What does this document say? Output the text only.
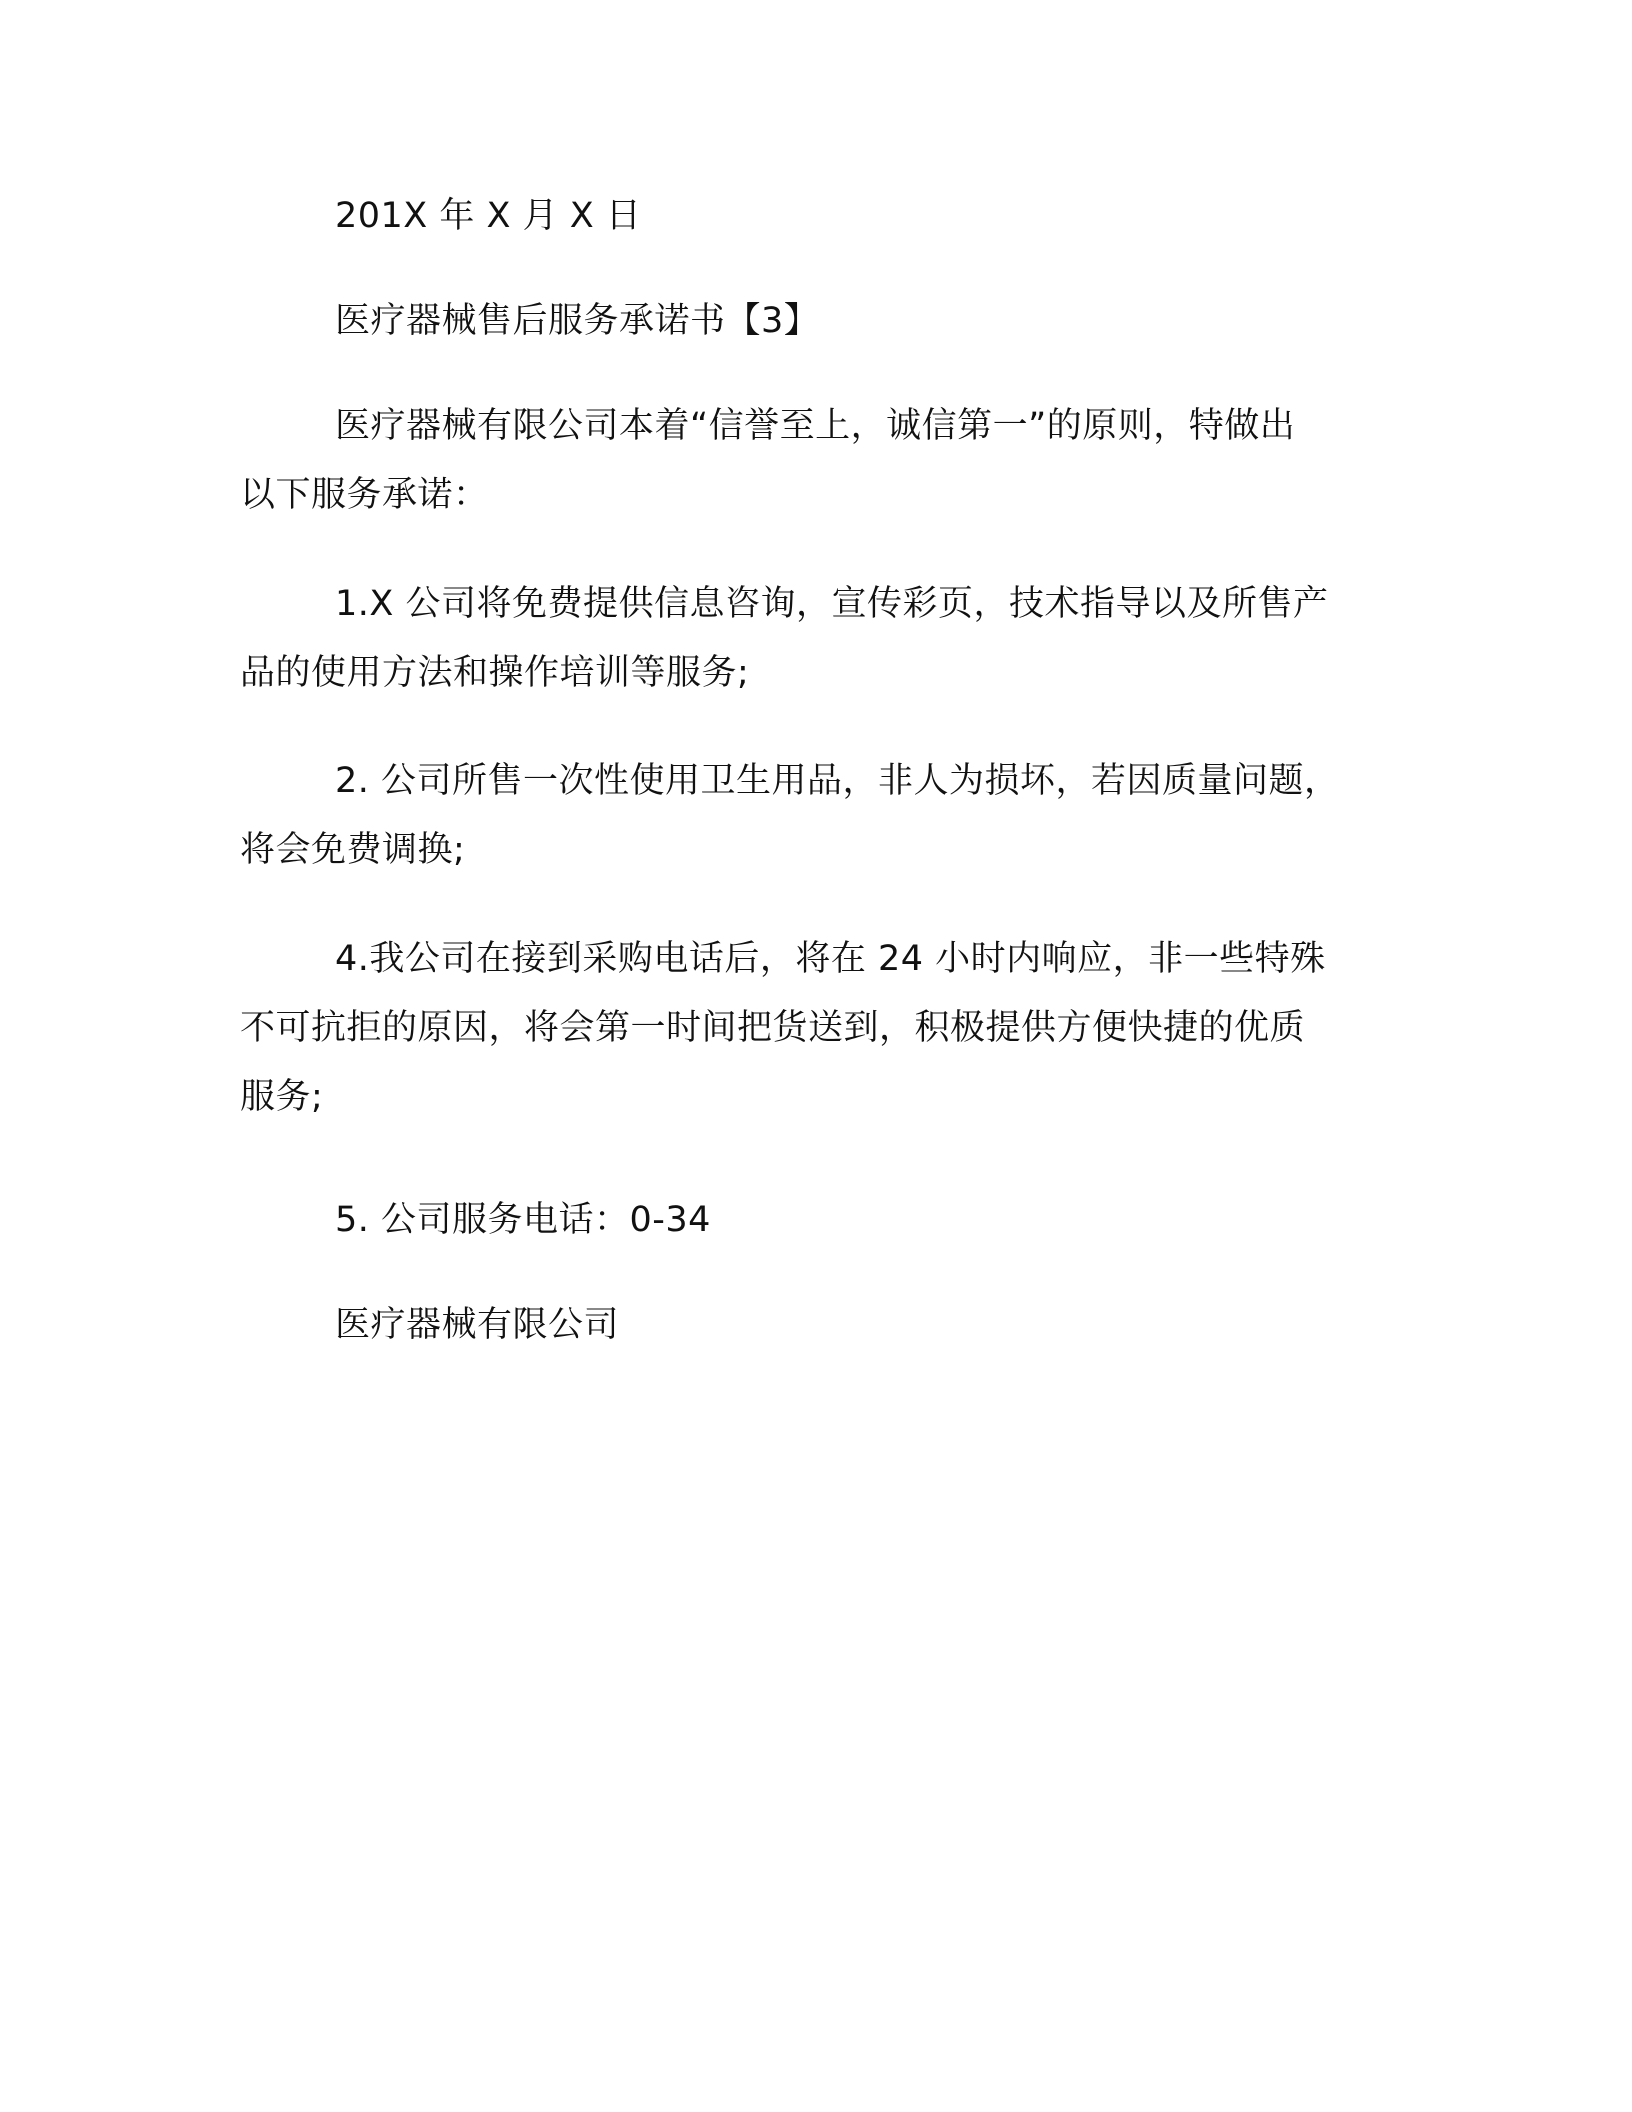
201X 年 X 月 X 日

医疗器械售后服务承诺书【3】

医疗器械有限公司本着“信誉至上，诚信第一”的原则，特做出
以下服务承诺：

1.X 公司将免费提供信息咨询，宣传彩页，技术指导以及所售产
品的使用方法和操作培训等服务;

2. 公司所售一次性使用卫生用品，非人为损坏，若因质量问题，
将会免费调换;

4.我公司在接到采购电话后，将在 24 小时内响应，非一些特殊
不可抗拒的原因，将会第一时间把货送到，积极提供方便快捷的优质
服务;

5. 公司服务电话：0-34

医疗器械有限公司
